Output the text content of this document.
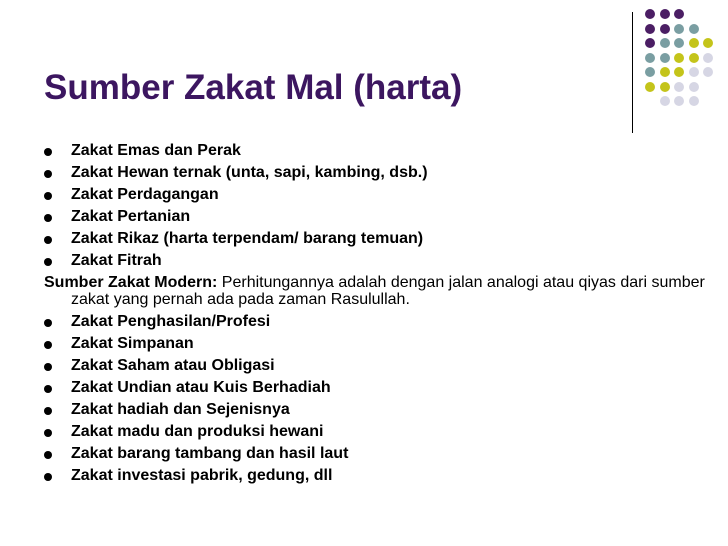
Sumber Zakat Mal (harta)
Zakat Emas dan Perak
Zakat Hewan ternak (unta, sapi, kambing, dsb.)
Zakat Perdagangan
Zakat Pertanian
Zakat Rikaz (harta terpendam/ barang temuan)
Zakat Fitrah
Sumber Zakat Modern: Perhitungannya adalah dengan jalan analogi atau qiyas dari sumber zakat yang pernah ada pada zaman Rasulullah.
Zakat Penghasilan/Profesi
Zakat Simpanan
Zakat Saham atau Obligasi
Zakat Undian atau Kuis Berhadiah
Zakat hadiah dan Sejenisnya
Zakat madu dan produksi hewani
Zakat barang tambang dan hasil laut
Zakat investasi pabrik, gedung, dll
